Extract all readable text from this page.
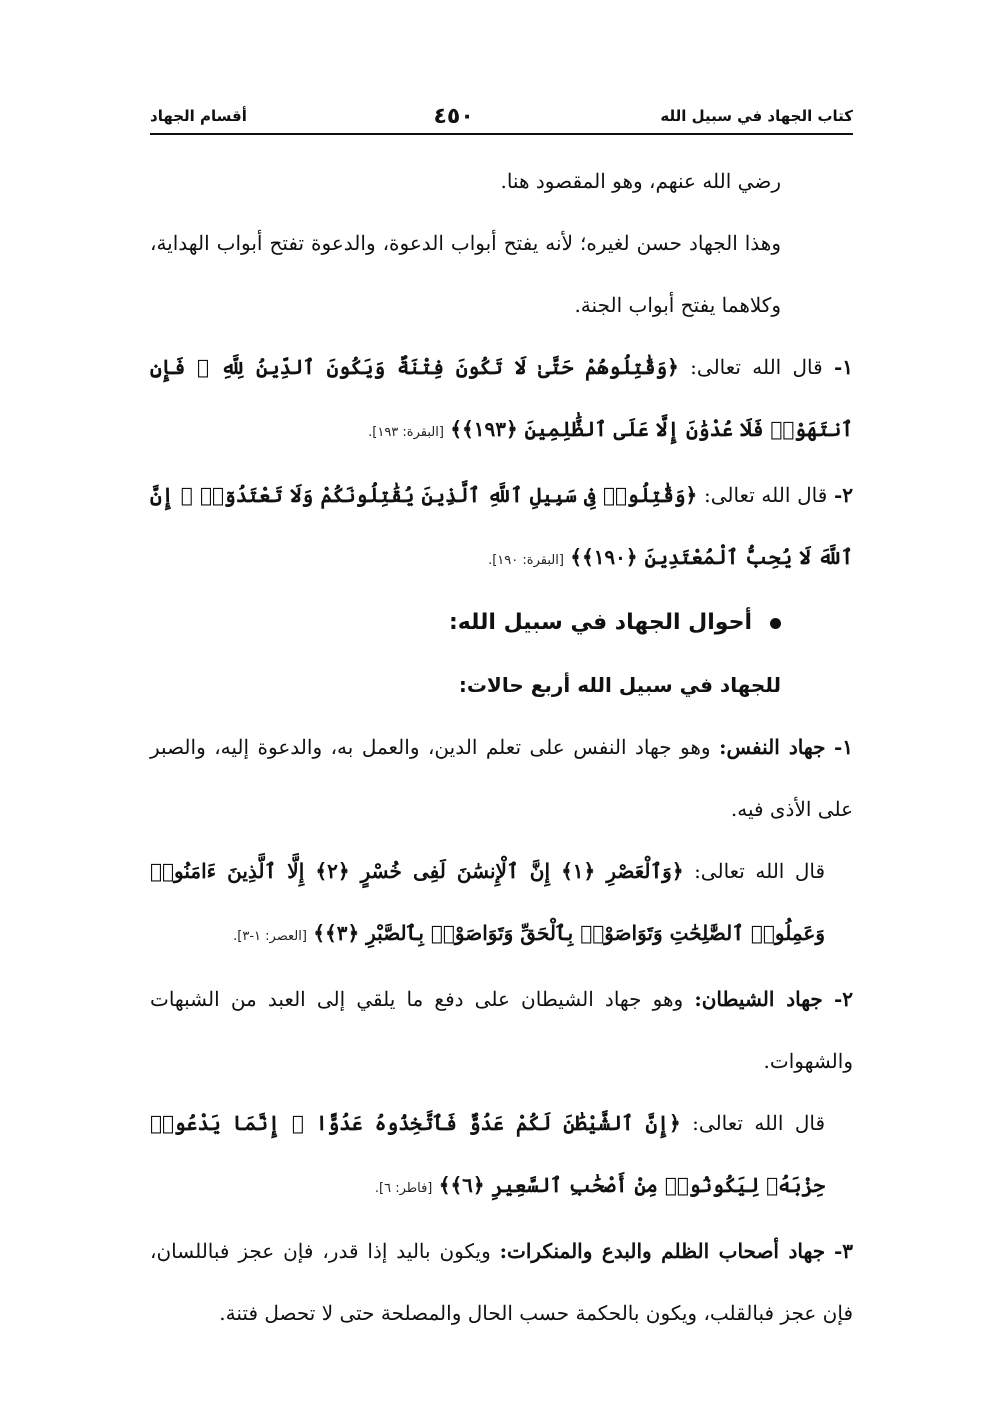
كتاب الجهاد في سبيل الله
٤٥٠
أقسام الجهاد

رضي الله عنهم، وهو المقصود هنا.

وهذا الجهاد حسن لغيره؛ لأنه يفتح أبواب الدعوة، والدعوة تفتح أبواب الهداية، وكلاهما يفتح أبواب الجنة.

١- قال الله تعالى: ﴿وَقَٰتِلُوهُمْ حَتَّىٰ لَا تَكُونَ فِتْنَةٌ وَيَكُونَ ٱلدِّينُ لِلَّهِ ۖ فَإِنِ ٱنتَهَوْا۟ فَلَا عُدْوَٰنَ إِلَّا عَلَى ٱلظَّٰلِمِينَ ﴿١٩٣﴾﴾ [البقرة: ١٩٣].

٢- قال الله تعالى: ﴿وَقَٰتِلُوا۟ فِى سَبِيلِ ٱللَّهِ ٱلَّذِينَ يُقَٰتِلُونَكُمْ وَلَا تَعْتَدُوٓا۟ ۚ إِنَّ ٱللَّهَ لَا يُحِبُّ ٱلْمُعْتَدِينَ ﴿١٩٠﴾﴾ [البقرة: ١٩٠].

أحوال الجهاد في سبيل الله:

للجهاد في سبيل الله أربع حالات:

١- جهاد النفس: وهو جهاد النفس على تعلم الدين، والعمل به، والدعوة إليه، والصبر على الأذى فيه.

قال الله تعالى: ﴿وَٱلْعَصْرِ ﴿١﴾ إِنَّ ٱلْإِنسَٰنَ لَفِى خُسْرٍ ﴿٢﴾ إِلَّا ٱلَّذِينَ ءَامَنُوا۟ وَعَمِلُوا۟ ٱلصَّٰلِحَٰتِ وَتَوَاصَوْا۟ بِٱلْحَقِّ وَتَوَاصَوْا۟ بِٱلصَّبْرِ ﴿٣﴾﴾ [العصر: ١-٣].

٢- جهاد الشيطان: وهو جهاد الشيطان على دفع ما يلقي إلى العبد من الشبهات والشهوات.

قال الله تعالى: ﴿إِنَّ ٱلشَّيْطَٰنَ لَكُمْ عَدُوٌّ فَٱتَّخِذُوهُ عَدُوًّا ۚ إِنَّمَا يَدْعُوا۟ حِزْبَهُۥ لِيَكُونُوا۟ مِنْ أَصْحَٰبِ ٱلسَّعِيرِ ﴿٦﴾﴾ [فاطر: ٦].

٣- جهاد أصحاب الظلم والبدع والمنكرات: ويكون باليد إذا قدر، فإن عجز فباللسان، فإن عجز فبالقلب، ويكون بالحكمة حسب الحال والمصلحة حتى لا تحصل فتنة.
